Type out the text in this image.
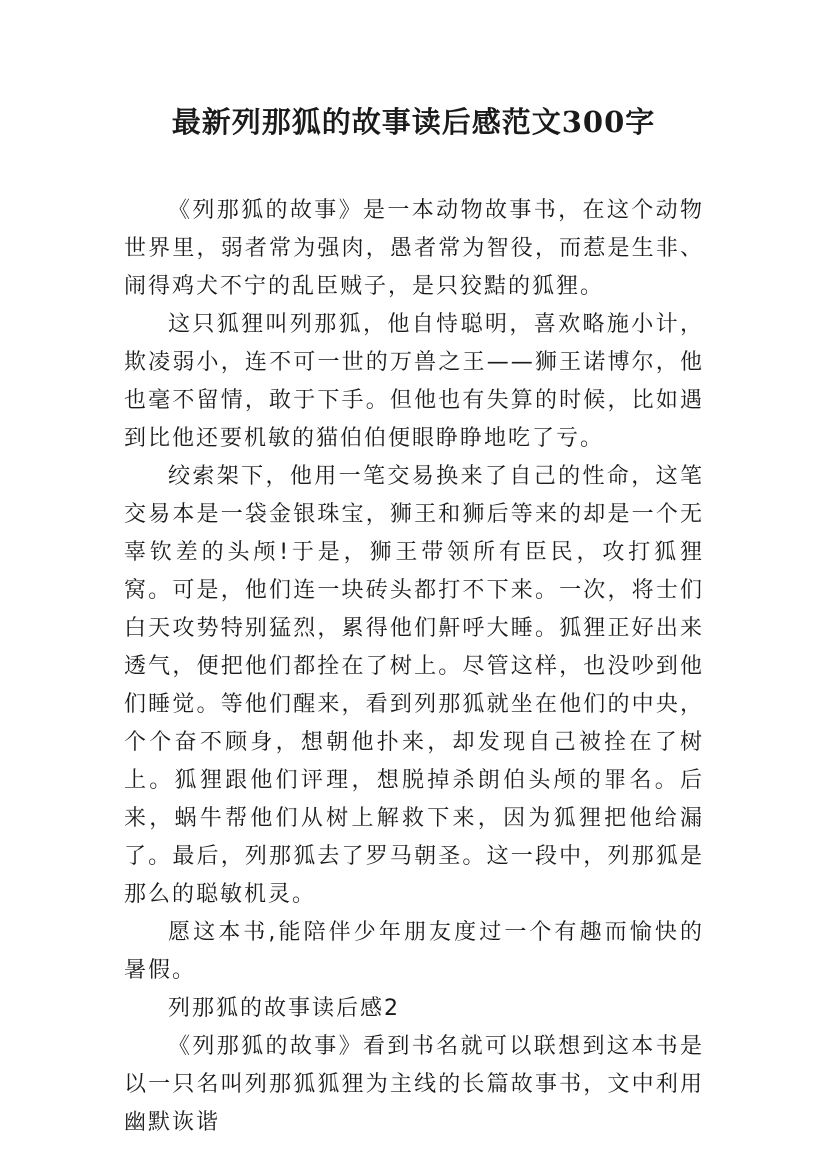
最新列那狐的故事读后感范文300字

《列那狐的故事》是一本动物故事书，在这个动物世界里，弱者常为强肉，愚者常为智役，而惹是生非、闹得鸡犬不宁的乱臣贼子，是只狡黠的狐狸。

这只狐狸叫列那狐，他自恃聪明，喜欢略施小计，欺凌弱小，连不可一世的万兽之王——狮王诺博尔，他也毫不留情，敢于下手。但他也有失算的时候，比如遇到比他还要机敏的猫伯伯便眼睁睁地吃了亏。

绞索架下，他用一笔交易换来了自己的性命，这笔交易本是一袋金银珠宝，狮王和狮后等来的却是一个无辜钦差的头颅!于是，狮王带领所有臣民，攻打狐狸窝。可是，他们连一块砖头都打不下来。一次，将士们白天攻势特别猛烈，累得他们鼾呼大睡。狐狸正好出来透气，便把他们都拴在了树上。尽管这样，也没吵到他们睡觉。等他们醒来，看到列那狐就坐在他们的中央，个个奋不顾身，想朝他扑来，却发现自己被拴在了树上。狐狸跟他们评理，想脱掉杀朗伯头颅的罪名。后来，蜗牛帮他们从树上解救下来，因为狐狸把他给漏了。最后，列那狐去了罗马朝圣。这一段中，列那狐是那么的聪敏机灵。

愿这本书,能陪伴少年朋友度过一个有趣而愉快的暑假。

列那狐的故事读后感2

《列那狐的故事》看到书名就可以联想到这本书是以一只名叫列那狐狐狸为主线的长篇故事书，文中利用幽默诙谐
